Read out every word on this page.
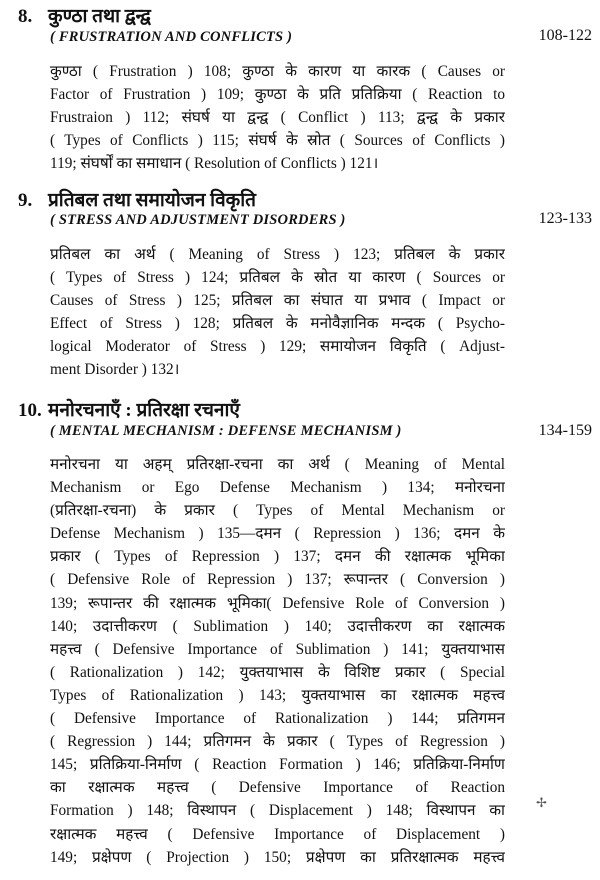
8. कुण्ठा तथा द्वन्द्व
( FRUSTRATION AND CONFLICTS )	108-122
कुण्ठा ( Frustration ) 108; कुण्ठा के कारण या कारक ( Causes or
Factor of Frustration ) 109; कुण्ठा के प्रति प्रतिक्रिया ( Reaction to
Frustraion ) 112; संघर्ष या द्वन्द्व ( Conflict ) 113; द्वन्द्व के प्रकार
( Types of Conflicts ) 115; संघर्ष के स्रोत ( Sources of Conflicts )
119; संघर्षों का समाधान ( Resolution of Conflicts ) 121।
9. प्रतिबल तथा समायोजन विकृति
( STRESS AND ADJUSTMENT DISORDERS )	123-133
प्रतिबल का अर्थ ( Meaning of Stress ) 123; प्रतिबल के प्रकार
( Types of Stress ) 124; प्रतिबल के स्रोत या कारण ( Sources or
Causes of Stress ) 125; प्रतिबल का संघात या प्रभाव ( Impact or
Effect of Stress ) 128; प्रतिबल के मनोवैज्ञानिक मन्दक ( Psycho-
logical Moderator of Stress ) 129; समायोजन विकृति ( Adjust-
ment Disorder ) 132।
10. मनोरचनाएँ : प्रतिरक्षा रचनाएँ
( MENTAL MECHANISM : DEFENSE MECHANISM )	134-159
मनोरचना या अहम् प्रतिरक्षा-रचना का अर्थ ( Meaning of Mental
Mechanism or Ego Defense Mechanism ) 134; मनोरचना
(प्रतिरक्षा-रचना) के प्रकार ( Types of Mental Mechanism or
Defense Mechanism ) 135—दमन ( Repression ) 136; दमन के
प्रकार ( Types of Repression ) 137; दमन की रक्षात्मक भूमिका
( Defensive Role of Repression ) 137; रूपान्तर ( Conversion )
139; रूपान्तर की रक्षात्मक भूमिका( Defensive Role of Conversion )
140; उदात्तीकरण ( Sublimation ) 140; उदात्तीकरण का रक्षात्मक
महत्त्व ( Defensive Importance of Sublimation ) 141; युक्तयाभास
( Rationalization ) 142; युक्तयाभास के विशिष्ट प्रकार ( Special
Types of Rationalization ) 143; युक्तयाभास का रक्षात्मक महत्त्व
( Defensive Importance of Rationalization ) 144; प्रतिगमन
( Regression ) 144; प्रतिगमन के प्रकार ( Types of Regression )
145; प्रतिक्रिया-निर्माण ( Reaction Formation ) 146; प्रतिक्रिया-निर्माण
का रक्षात्मक महत्त्व ( Defensive Importance of Reaction
Formation ) 148; विस्थापन ( Displacement ) 148; विस्थापन का
रक्षात्मक महत्त्व ( Defensive Importance of Displacement )
149; प्रक्षेपण ( Projection ) 150; प्रक्षेपण का प्रतिरक्षात्मक महत्त्व
✢
